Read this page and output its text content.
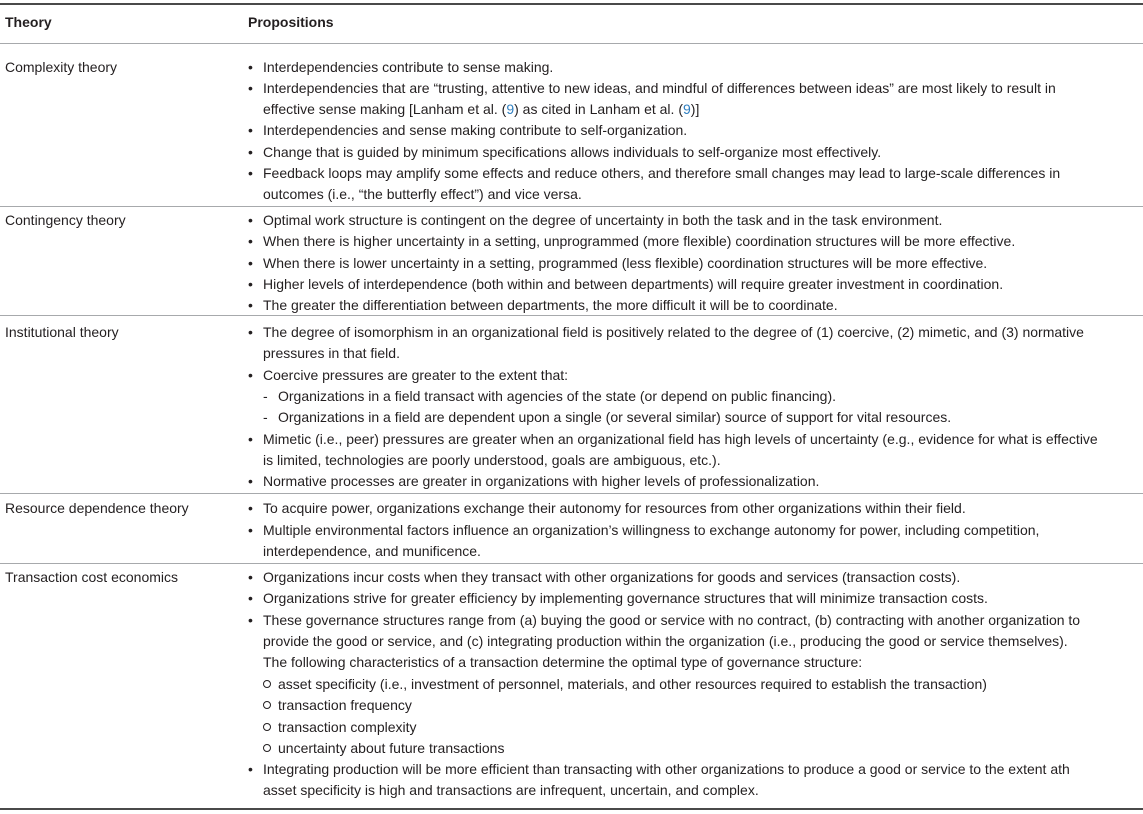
Theory	Propositions
Complexity theory	• Interdependencies contribute to sense making.
• Interdependencies that are “trusting, attentive to new ideas, and mindful of differences between ideas” are most likely to result in
effective sense making [Lanham et al. (9) as cited in Lanham et al. (9)]
• Interdependencies and sense making contribute to self-organization.
• Change that is guided by minimum specifications allows individuals to self-organize most effectively.
• Feedback loops may amplify some effects and reduce others, and therefore small changes may lead to large-scale differences in
outcomes (i.e., “the butterfly effect”) and vice versa.
Contingency theory	• Optimal work structure is contingent on the degree of uncertainty in both the task and in the task environment.
• When there is higher uncertainty in a setting, unprogrammed (more flexible) coordination structures will be more effective.
• When there is lower uncertainty in a setting, programmed (less flexible) coordination structures will be more effective.
• Higher levels of interdependence (both within and between departments) will require greater investment in coordination.
• The greater the differentiation between departments, the more difficult it will be to coordinate.
Institutional theory	• The degree of isomorphism in an organizational field is positively related to the degree of (1) coercive, (2) mimetic, and (3) normative
pressures in that field.
• Coercive pressures are greater to the extent that:
- Organizations in a field transact with agencies of the state (or depend on public financing).
- Organizations in a field are dependent upon a single (or several similar) source of support for vital resources.
• Mimetic (i.e., peer) pressures are greater when an organizational field has high levels of uncertainty (e.g., evidence for what is effective
is limited, technologies are poorly understood, goals are ambiguous, etc.).
• Normative processes are greater in organizations with higher levels of professionalization.
Resource dependence theory	• To acquire power, organizations exchange their autonomy for resources from other organizations within their field.
• Multiple environmental factors influence an organization’s willingness to exchange autonomy for power, including competition,
interdependence, and munificence.
Transaction cost economics	• Organizations incur costs when they transact with other organizations for goods and services (transaction costs).
• Organizations strive for greater efficiency by implementing governance structures that will minimize transaction costs.
• These governance structures range from (a) buying the good or service with no contract, (b) contracting with another organization to
provide the good or service, and (c) integrating production within the organization (i.e., producing the good or service themselves).
The following characteristics of a transaction determine the optimal type of governance structure:
asset specificity (i.e., investment of personnel, materials, and other resources required to establish the transaction)
transaction frequency
transaction complexity
uncertainty about future transactions
• Integrating production will be more efficient than transacting with other organizations to produce a good or service to the extent ath
asset specificity is high and transactions are infrequent, uncertain, and complex.
